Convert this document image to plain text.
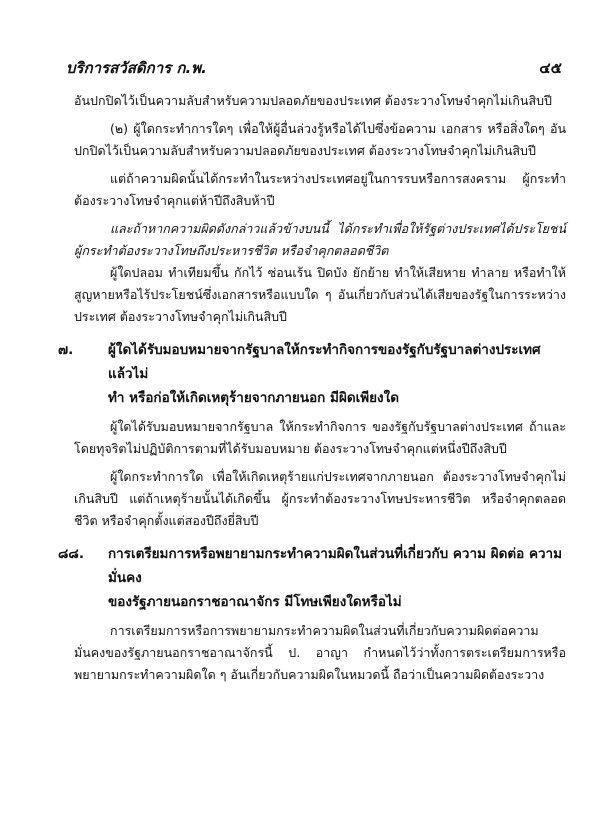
บริการสวัสดิการ ก.พ.	๔๕

อันปกปิดไว้เป็นความลับสำหรับความปลอดภัยของประเทศ ต้องระวางโทษจำคุกไม่เกินสิบปี

(๒) ผู้ใดกระทำการใดๆ เพื่อให้ผู้อื่นล่วงรู้หรือได้ไปซึ่งข้อความ เอกสาร หรือสิ่งใดๆ อันปกปิดไว้เป็นความลับสำหรับความปลอดภัยของประเทศ ต้องระวางโทษจำคุกไม่เกินสิบปี

แต่ถ้าความผิดนั้นได้กระทำในระหว่างประเทศอยู่ในการรบหรือการสงคราม ผู้กระทำต้องระวางโทษจำคุกแต่ห้าปีถึงสิบห้าปี

และถ้าหากความผิดดังกล่าวแล้วข้างบนนี้ ได้กระทำเพื่อให้รัฐต่างประเทศได้ประโยชน์ ผู้กระทำต้องระวางโทษถึงประหารชีวิต หรือจำคุกตลอดชีวิต

ผู้ใดปลอม ทำเทียมขึ้น กักไว้ ซ่อนเร้น ปิดบัง ยักย้าย ทำให้เสียหาย ทำลาย หรือทำให้สูญหายหรือไร้ประโยชน์ซึ่งเอกสารหรือแบบใด ๆ อันเกี่ยวกับส่วนได้เสียของรัฐในการระหว่างประเทศ ต้องระวางโทษจำคุกไม่เกินสิบปี

๗.	ผู้ใดได้รับมอบหมายจากรัฐบาลให้กระทำกิจการของรัฐกับรัฐบาลต่างประเทศ แล้วไม่

ทำ หรือก่อให้เกิดเหตุร้ายจากภายนอก มีผิดเพียงใด

ผู้ใดได้รับมอบหมายจากรัฐบาล ให้กระทำกิจการ ของรัฐกับรัฐบาลต่างประเทศ ถ้าและโดยทุจริตไม่ปฏิบัติการตามที่ได้รับมอบหมาย ต้องระวางโทษจำคุกแต่หนึ่งปีถึงสิบปี

ผู้ใดกระทำการใด เพื่อให้เกิดเหตุร้ายแก่ประเทศจากภายนอก ต้องระวางโทษจำคุกไม่เกินสิบปี แต่ถ้าเหตุร้ายนั้นได้เกิดขึ้น ผู้กระทำต้องระวางโทษประหารชีวิต หรือจำคุกตลอดชีวิต หรือจำคุกตั้งแต่สองปีถึงยี่สิบปี

๘๘. การเตรียมการหรือพยายามกระทำความผิดในส่วนที่เกี่ยวกับ ความ ผิดต่อ ความมั่นคง

ของรัฐภายนอกราชอาณาจักร มีโทษเพียงใดหรือไม่

การเตรียมการหรือการพยายามกระทำความผิดในส่วนที่เกี่ยวกับความผิดต่อความมั่นคงของรัฐภายนอกราชอาณาจักรนี้ ป. อาญา กำหนดไว้ว่าทั้งการตระเตรียมการหรือพยายามกระทำความผิดใด ๆ อันเกี่ยวกับความผิดในหมวดนี้ ถือว่าเป็นความผิดต้องระวาง
